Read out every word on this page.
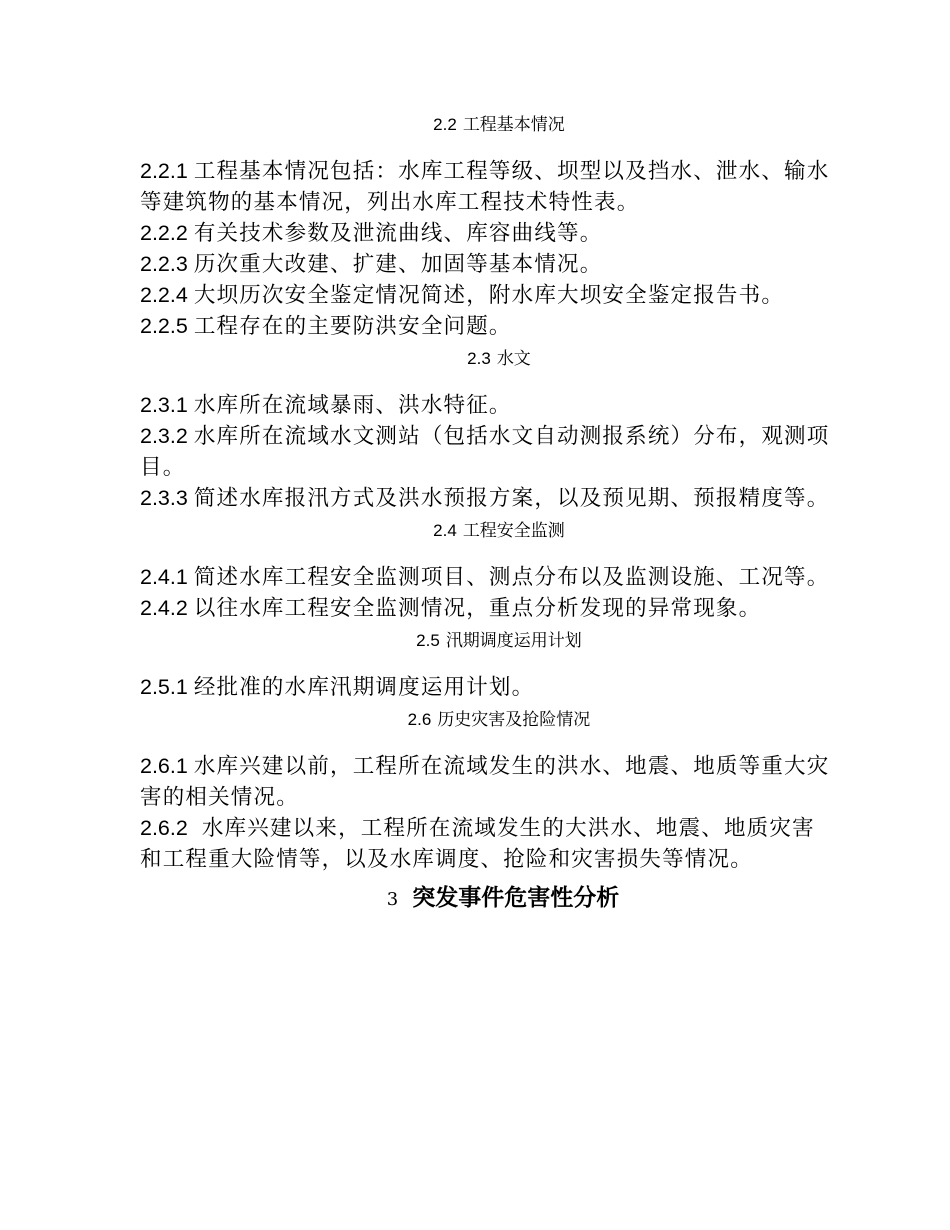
2.2 工程基本情况

2.2.1 工程基本情况包括：水库工程等级、坝型以及挡水、泄水、输水等建筑物的基本情况，列出水库工程技术特性表。

2.2.2 有关技术参数及泄流曲线、库容曲线等。

2.2.3 历次重大改建、扩建、加固等基本情况。

2.2.4 大坝历次安全鉴定情况简述，附水库大坝安全鉴定报告书。

2.2.5 工程存在的主要防洪安全问题。

2.3 水文

2.3.1 水库所在流域暴雨、洪水特征。

2.3.2 水库所在流域水文测站（包括水文自动测报系统）分布，观测项目。

2.3.3 简述水库报汛方式及洪水预报方案，以及预见期、预报精度等。

2.4 工程安全监测

2.4.1 简述水库工程安全监测项目、测点分布以及监测设施、工况等。

2.4.2 以往水库工程安全监测情况，重点分析发现的异常现象。

2.5 汛期调度运用计划

2.5.1 经批准的水库汛期调度运用计划。

2.6 历史灾害及抢险情况

2.6.1 水库兴建以前，工程所在流域发生的洪水、地震、地质等重大灾害的相关情况。

2.6.2 水库兴建以来，工程所在流域发生的大洪水、地震、地质灾害和工程重大险情等，以及水库调度、抢险和灾害损失等情况。

3 突发事件危害性分析
